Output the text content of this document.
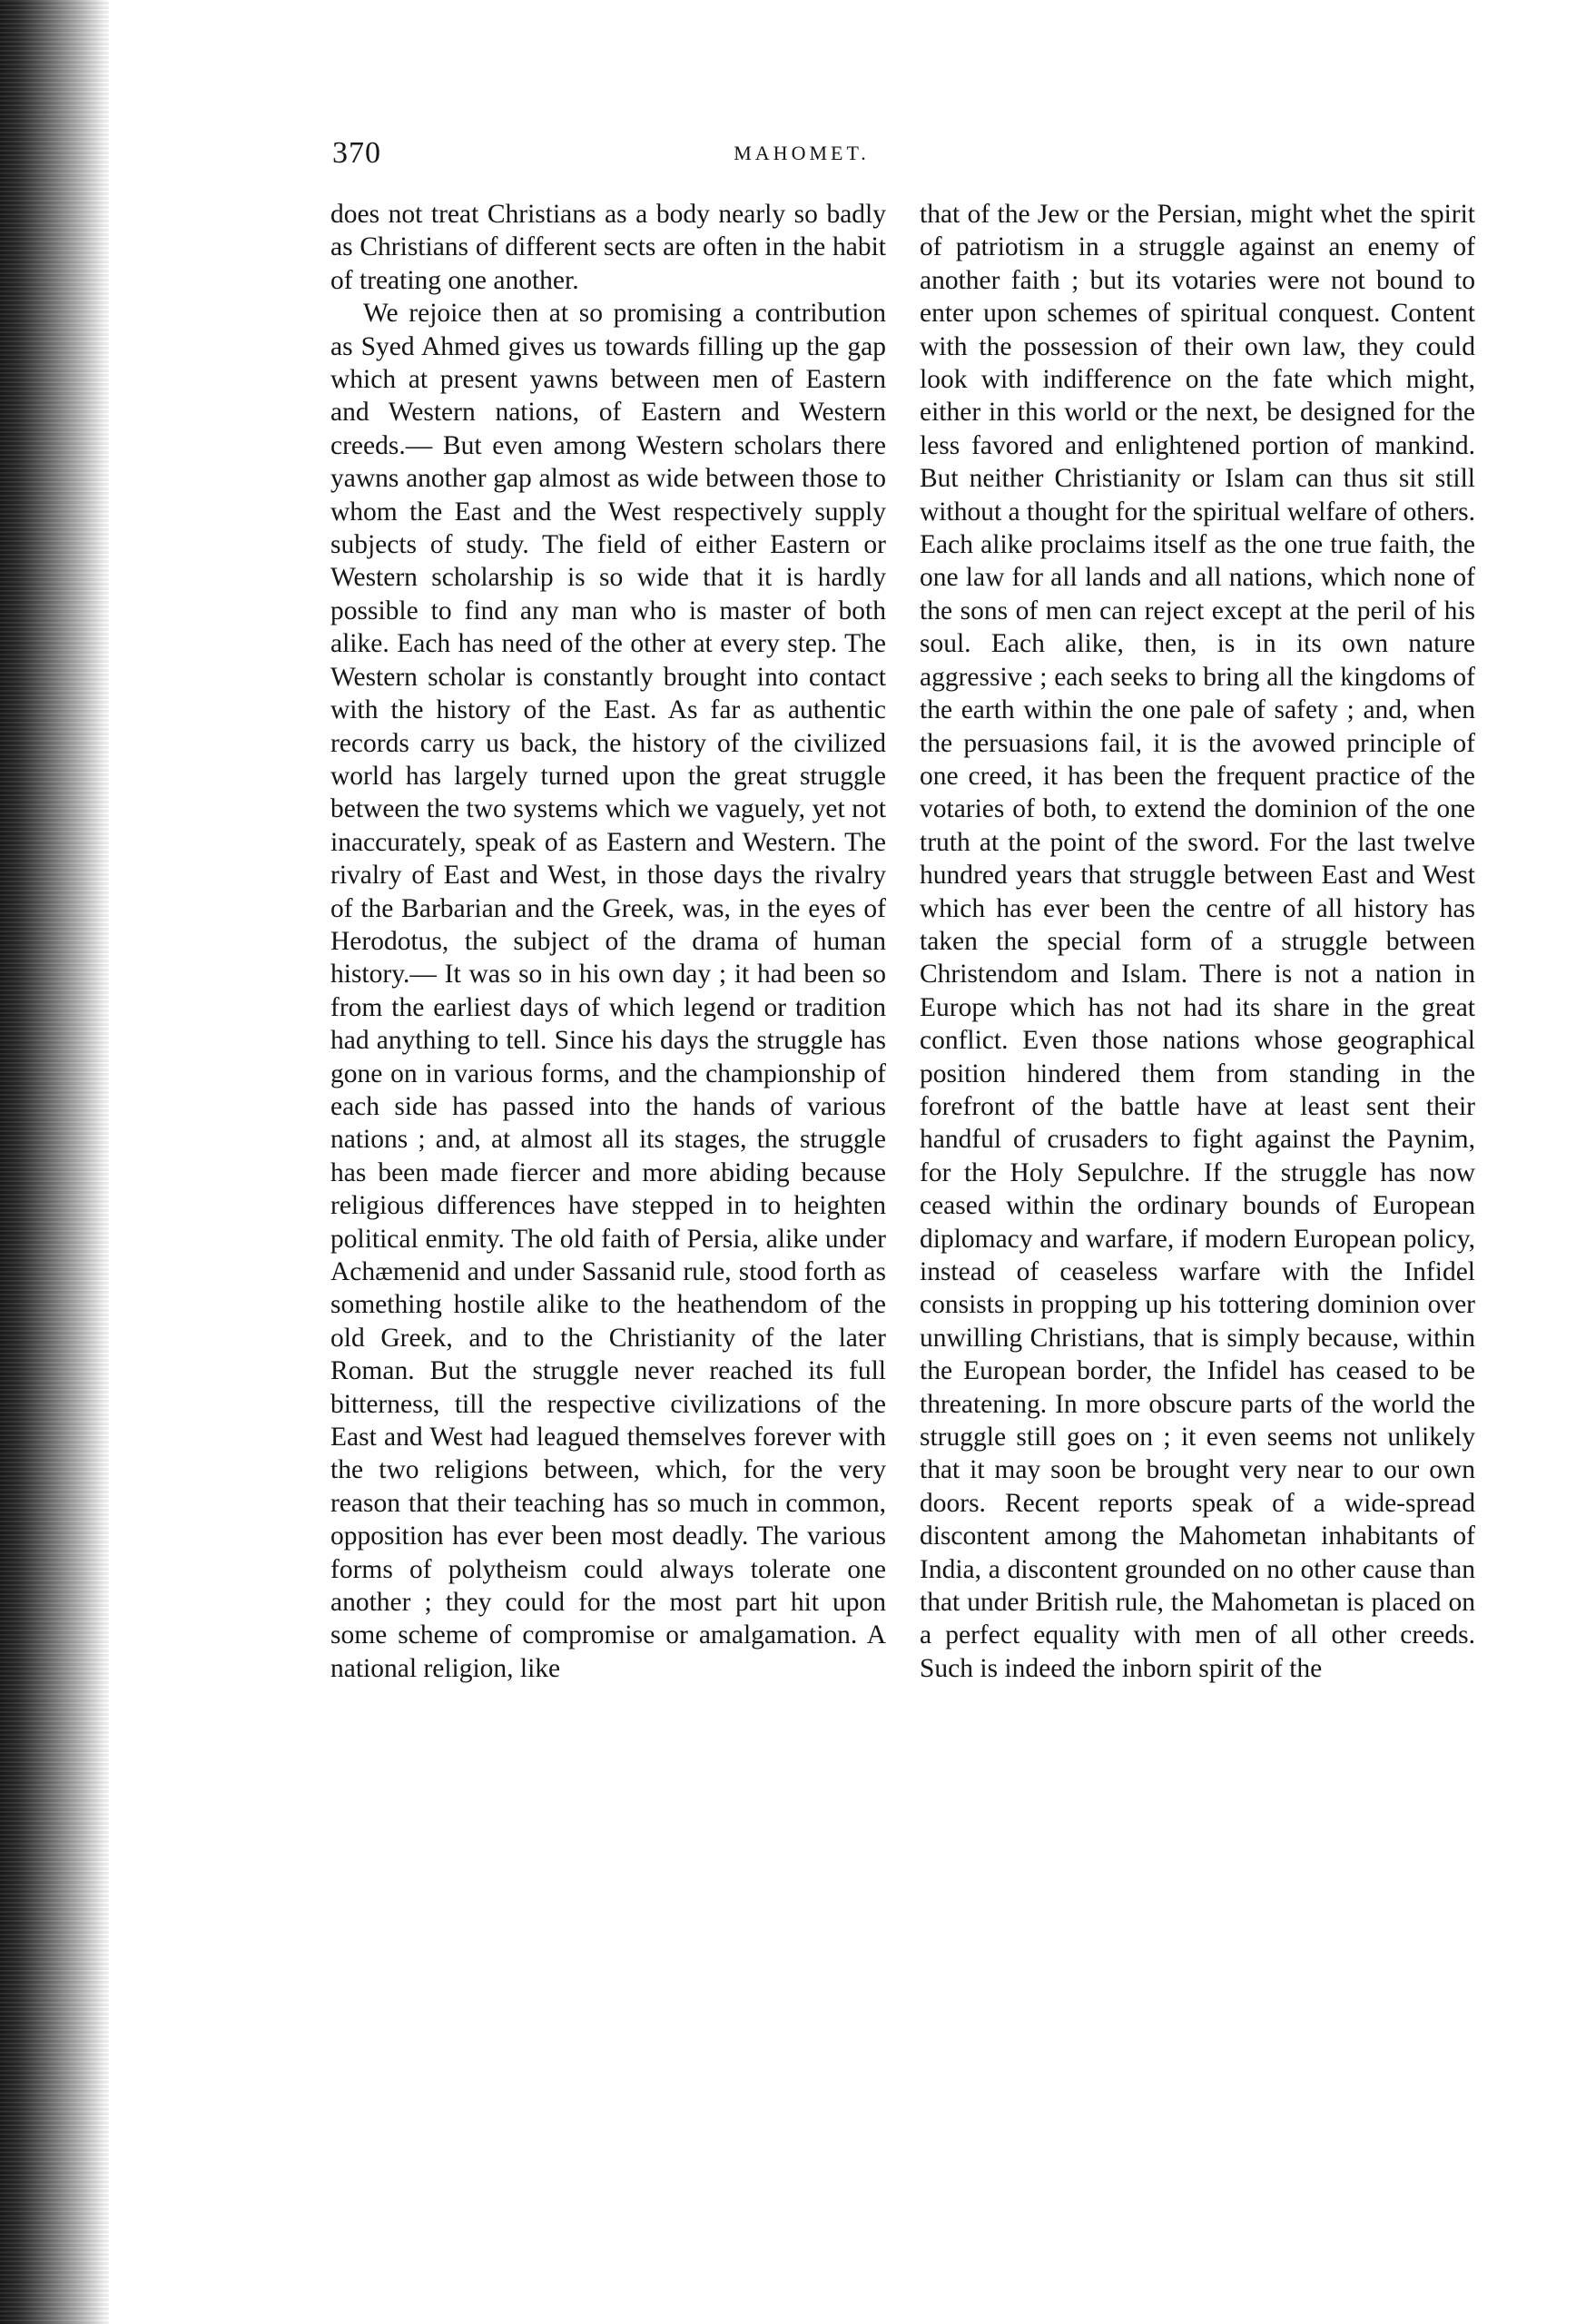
370	MAHOMET.

does not treat Christians as a body nearly so badly as Christians of different sects are often in the habit of treating one another.

We rejoice then at so promising a contribution as Syed Ahmed gives us towards filling up the gap which at present yawns between men of Eastern and Western nations, of Eastern and Western creeds.— But even among Western scholars there yawns another gap almost as wide between those to whom the East and the West respectively supply subjects of study. The field of either Eastern or Western scholarship is so wide that it is hardly possible to find any man who is master of both alike. Each has need of the other at every step. The Western scholar is constantly brought into contact with the history of the East. As far as authentic records carry us back, the history of the civilized world has largely turned upon the great struggle between the two systems which we vaguely, yet not inaccurately, speak of as Eastern and Western. The rivalry of East and West, in those days the rivalry of the Barbarian and the Greek, was, in the eyes of Herodotus, the subject of the drama of human history.— It was so in his own day ; it had been so from the earliest days of which legend or tradition had anything to tell. Since his days the struggle has gone on in various forms, and the championship of each side has passed into the hands of various nations ; and, at almost all its stages, the struggle has been made fiercer and more abiding because religious differences have stepped in to heighten political enmity. The old faith of Persia, alike under Achæmenid and under Sassanid rule, stood forth as something hostile alike to the heathendom of the old Greek, and to the Christianity of the later Roman. But the struggle never reached its full bitterness, till the respective civilizations of the East and West had leagued themselves forever with the two religions between, which, for the very reason that their teaching has so much in common, opposition has ever been most deadly. The various forms of polytheism could always tolerate one another ; they could for the most part hit upon some scheme of compromise or amalgamation. A national religion, like

that of the Jew or the Persian, might whet the spirit of patriotism in a struggle against an enemy of another faith ; but its votaries were not bound to enter upon schemes of spiritual conquest. Content with the possession of their own law, they could look with indifference on the fate which might, either in this world or the next, be designed for the less favored and enlightened portion of mankind. But neither Christianity or Islam can thus sit still without a thought for the spiritual welfare of others. Each alike proclaims itself as the one true faith, the one law for all lands and all nations, which none of the sons of men can reject except at the peril of his soul. Each alike, then, is in its own nature aggressive ; each seeks to bring all the kingdoms of the earth within the one pale of safety ; and, when the persuasions fail, it is the avowed principle of one creed, it has been the frequent practice of the votaries of both, to extend the dominion of the one truth at the point of the sword. For the last twelve hundred years that struggle between East and West which has ever been the centre of all history has taken the special form of a struggle between Christendom and Islam. There is not a nation in Europe which has not had its share in the great conflict. Even those nations whose geographical position hindered them from standing in the forefront of the battle have at least sent their handful of crusaders to fight against the Paynim, for the Holy Sepulchre. If the struggle has now ceased within the ordinary bounds of European diplomacy and warfare, if modern European policy, instead of ceaseless warfare with the Infidel consists in propping up his tottering dominion over unwilling Christians, that is simply because, within the European border, the Infidel has ceased to be threatening. In more obscure parts of the world the struggle still goes on ; it even seems not unlikely that it may soon be brought very near to our own doors. Recent reports speak of a wide-spread discontent among the Mahometan inhabitants of India, a discontent grounded on no other cause than that under British rule, the Mahometan is placed on a perfect equality with men of all other creeds. Such is indeed the inborn spirit of the
